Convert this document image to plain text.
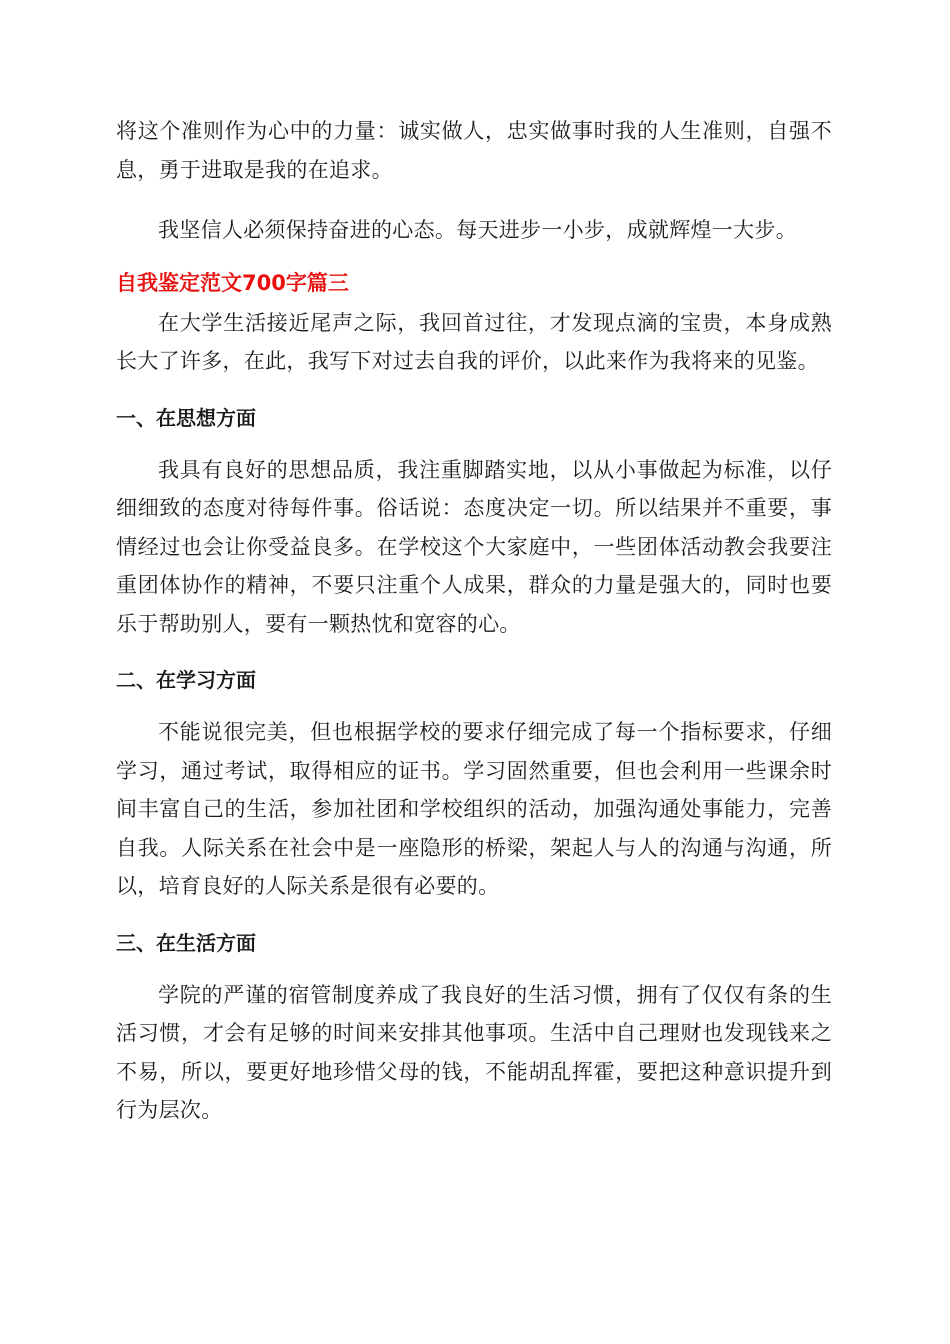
将这个准则作为心中的力量：诚实做人，忠实做事时我的人生准则，自强不息，勇于进取是我的在追求。

我坚信人必须保持奋进的心态。每天进步一小步，成就辉煌一大步。

自我鉴定范文700字篇三

在大学生活接近尾声之际，我回首过往，才发现点滴的宝贵，本身成熟长大了许多，在此，我写下对过去自我的评价，以此来作为我将来的见鉴。

一、在思想方面

我具有良好的思想品质，我注重脚踏实地，以从小事做起为标准，以仔细细致的态度对待每件事。俗话说：态度决定一切。所以结果并不重要，事情经过也会让你受益良多。在学校这个大家庭中，一些团体活动教会我要注重团体协作的精神，不要只注重个人成果，群众的力量是强大的，同时也要乐于帮助别人，要有一颗热忱和宽容的心。

二、在学习方面

不能说很完美，但也根据学校的要求仔细完成了每一个指标要求，仔细学习，通过考试，取得相应的证书。学习固然重要，但也会利用一些课余时间丰富自己的生活，参加社团和学校组织的活动，加强沟通处事能力，完善自我。人际关系在社会中是一座隐形的桥梁，架起人与人的沟通与沟通，所以，培育良好的人际关系是很有必要的。

三、在生活方面

学院的严谨的宿管制度养成了我良好的生活习惯，拥有了仅仅有条的生活习惯，才会有足够的时间来安排其他事项。生活中自己理财也发现钱来之不易，所以，要更好地珍惜父母的钱，不能胡乱挥霍，要把这种意识提升到行为层次。
